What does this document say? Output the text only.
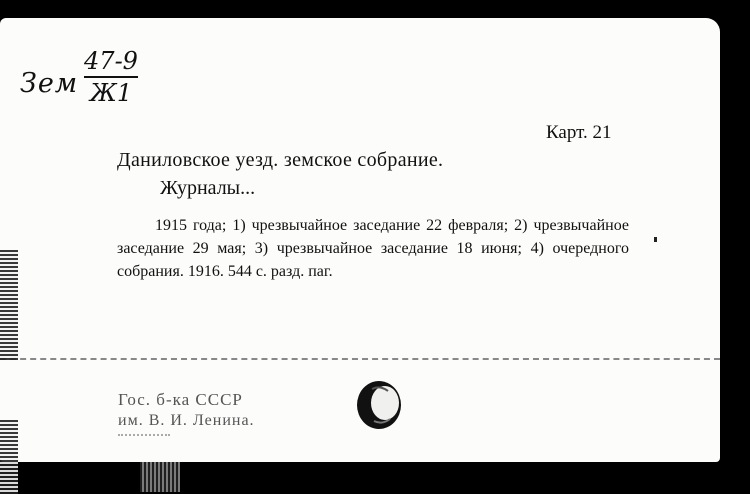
Зем
47-9
Ж1
Карт. 21
Даниловское уезд. земское собрание.
Журналы...
1915 года; 1) чрезвычайное заседание 22 февраля; 2) чрезвычайное заседание 29 мая; 3) чрезвычайное заседание 18 июня; 4) очередного собрания. 1916. 544 с. разд. паг.
Гос. б-ка СССР
им. В. И. Ленина.
